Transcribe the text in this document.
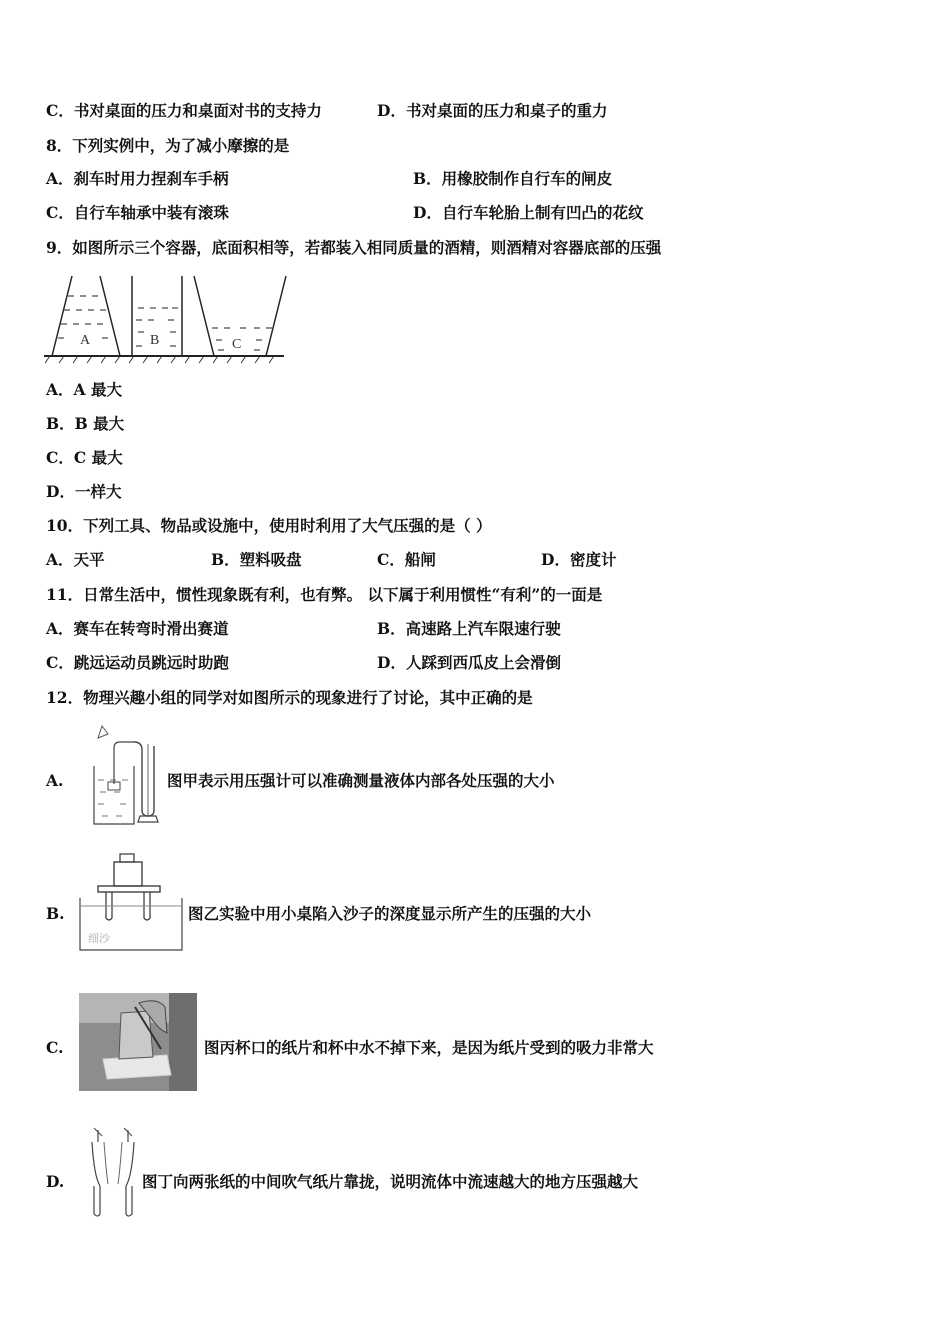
C．书对桌面的压力和桌面对书的支持力	D．书对桌面的压力和桌子的重力
8．下列实例中，为了减小摩擦的是
A．刹车时用力捏刹车手柄	B．用橡胶制作自行车的闸皮
C．自行车轴承中装有滚珠	D．自行车轮胎上制有凹凸的花纹
9．如图所示三个容器，底面积相等，若都装入相同质量的酒精，则酒精对容器底部的压强
A	B	C
A．A 最大
B．B 最大
C．C 最大
D．一样大
10．下列工具、物品或设施中，使用时利用了大气压强的是（ ）
A．天平	B．塑料吸盘	C．船闸	D．密度计
11．日常生活中，惯性现象既有利，也有弊。 以下属于利用惯性“有利”的一面是
A．赛车在转弯时滑出赛道	B．高速路上汽车限速行驶
C．跳远运动员跳远时助跑	D．人踩到西瓜皮上会滑倒
12．物理兴趣小组的同学对如图所示的现象进行了讨论，其中正确的是
A.	图甲表示用压强计可以准确测量液体内部各处压强的大小
B.
细沙
图乙实验中用小桌陷入沙子的深度显示所产生的压强的大小
C.	图丙杯口的纸片和杯中水不掉下来，是因为纸片受到的吸力非常大
D.	图丁向两张纸的中间吹气纸片靠拢，说明流体中流速越大的地方压强越大
